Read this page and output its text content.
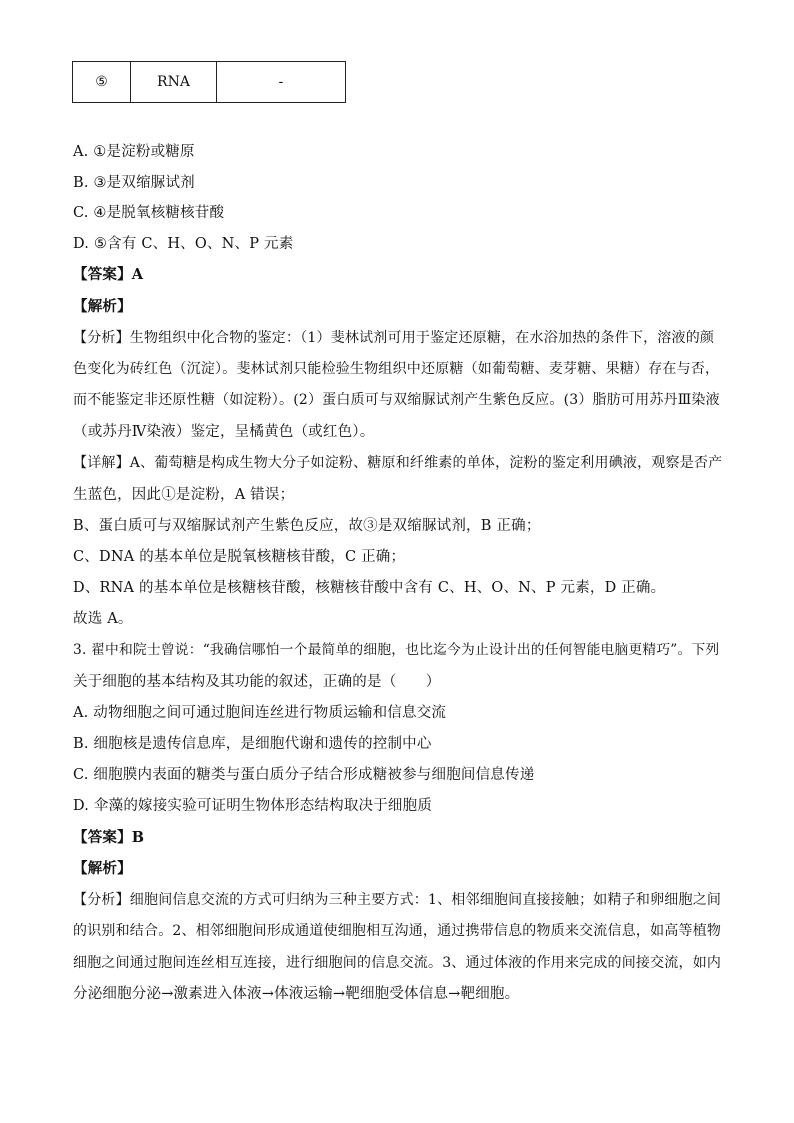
⑤	RNA	-
A. ①是淀粉或糖原
B. ③是双缩脲试剂
C. ④是脱氧核糖核苷酸
D. ⑤含有 C、H、O、N、P 元素
【答案】A
【解析】
【分析】生物组织中化合物的鉴定：（1）斐林试剂可用于鉴定还原糖，在水浴加热的条件下，溶液的颜
色变化为砖红色（沉淀）。斐林试剂只能检验生物组织中还原糖（如葡萄糖、麦芽糖、果糖）存在与否，
而不能鉴定非还原性糖（如淀粉）。(2）蛋白质可与双缩脲试剂产生紫色反应。(3）脂肪可用苏丹Ⅲ染液
（或苏丹Ⅳ染液）鉴定，呈橘黄色（或红色）。
【详解】A、葡萄糖是构成生物大分子如淀粉、糖原和纤维素的单体，淀粉的鉴定利用碘液，观察是否产
生蓝色，因此①是淀粉，A 错误；
B、蛋白质可与双缩脲试剂产生紫色反应，故③是双缩脲试剂，B 正确；
C、DNA 的基本单位是脱氧核糖核苷酸，C 正确；
D、RNA 的基本单位是核糖核苷酸，核糖核苷酸中含有 C、H、O、N、P 元素，D 正确。
故选 A。
3. 翟中和院士曾说：“我确信哪怕一个最简单的细胞，也比迄今为止设计出的任何智能电脑更精巧”。下列
关于细胞的基本结构及其功能的叙述，正确的是（　　）
A. 动物细胞之间可通过胞间连丝进行物质运输和信息交流
B. 细胞核是遗传信息库，是细胞代谢和遗传的控制中心
C. 细胞膜内表面的糖类与蛋白质分子结合形成糖被参与细胞间信息传递
D. 伞藻的嫁接实验可证明生物体形态结构取决于细胞质
【答案】B
【解析】
【分析】细胞间信息交流的方式可归纳为三种主要方式：1、相邻细胞间直接接触；如精子和卵细胞之间
的识别和结合。2、相邻细胞间形成通道使细胞相互沟通，通过携带信息的物质来交流信息，如高等植物
细胞之间通过胞间连丝相互连接，进行细胞间的信息交流。3、通过体液的作用来完成的间接交流，如内
分泌细胞分泌→激素进入体液→体液运输→靶细胞受体信息→靶细胞。
